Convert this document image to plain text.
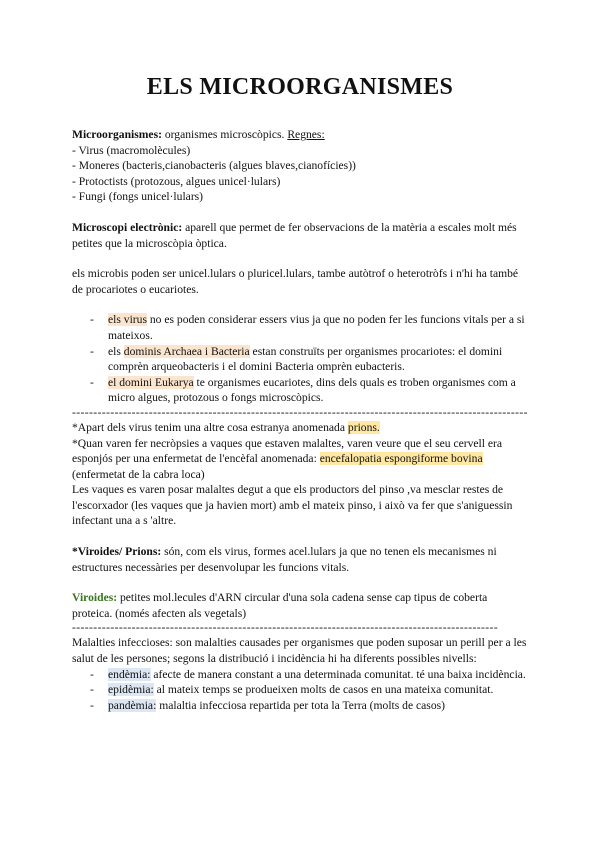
ELS MICROORGANISMES

Microorganismes: organismes microscòpics. Regnes:

- Virus (macromolècules)

- Moneres (bacteris,cianobacteris (algues blaves,cianofícies))

- Protoctists (protozous, algues unicel·lulars)

- Fungi (fongs unicel·lulars)

Microscopi electrònic: aparell que permet de fer observacions de la matèria a escales molt més petites que la microscòpia òptica.

els microbis poden ser unicel.lulars o pluricel.lulars, tambe autòtrof o heterotròfs i n'hi ha també de procariotes o eucariotes.

- els virus no es poden considerar essers vius ja que no poden fer les funcions vitals per a si mateixos.
- els dominis Archaea i Bacteria estan construïts per organismes procariotes: el domini comprèn arqueobacteris i el domini Bacteria omprèn eubacteris.
- el domini Eukarya te organismes eucariotes, dins dels quals es troben organismes com a micro algues, protozous o fongs microscòpics.
-----------------------------------------------------------------------------------------------------------

*Apart dels virus tenim una altre cosa estranya anomenada prions.

*Quan varen fer necròpsies a vaques que estaven malaltes, varen veure que el seu cervell era esponjós per una enfermetat de l'encèfal anomenada: encefalopatia espongiforme bovina

(enfermetat de la cabra loca)

Les vaques es varen posar malaltes degut a que els productors del pinso ,va mesclar restes de l'escorxador (les vaques que ja havien mort) amb el mateix pinso, i això va fer que s'aniguessin infectant una a s 'altre.

*Viroides/ Prions: són, com els virus, formes acel.lulars ja que no tenen els mecanismes ni estructures necessàries per desenvolupar les funcions vitals.

Viroides: petites mol.lecules d'ARN circular d'una sola cadena sense cap tipus de coberta proteica. (només afecten als vegetals)

----------------------------------------------------------------------------------------------------

Malalties infeccioses: son malalties causades per organismes que poden suposar un perill per a les salut de les persones; segons la distribució i incidència hi ha diferents possibles nivells:

- endèmia: afecte de manera constant a una determinada comunitat. té una baixa incidència.
- epidèmia: al mateix temps se produeixen molts de casos en una mateixa comunitat.
- pandèmia: malaltia infecciosa repartida per tota la Terra (molts de casos)
